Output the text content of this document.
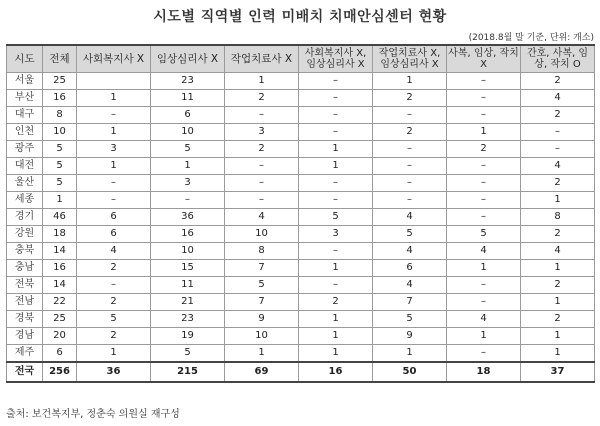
시도별 직역별 인력 미배치 치매안심센터 현황
(2018.8월 말 기준, 단위: 개소)
시도	전체	사회복지사 X	임상심리사 X	작업치료사 X	사회복지사 X, 임상심리사 X	작업치료사 X, 임상심리사 X	사복, 임상, 작치 X	간호, 사복, 임상, 작치 O
서울	25		23	1	–	1	–	2
부산	16	1	11	2	–	2	–	4
대구	8	–	6	–	–	–	–	2
인천	10	1	10	3	–	2	1	–
광주	5	3	5	2	1	–	2	–
대전	5	1	1	–	1	–	–	4
울산	5	–	3	–	–	–	–	2
세종	1	–	–	–	–	–	–	1
경기	46	6	36	4	5	4	–	8
강원	18	6	16	10	3	5	5	2
충북	14	4	10	8	–	4	4	4
충남	16	2	15	7	1	6	1	1
전북	14	–	11	5	–	4	–	2
전남	22	2	21	7	2	7	–	1
경북	25	5	23	9	1	5	4	2
경남	20	2	19	10	1	9	1	1
제주	6	1	5	1	1	1	–	1
전국	256	36	215	69	16	50	18	37
출처: 보건복지부, 정춘숙 의원실 재구성
